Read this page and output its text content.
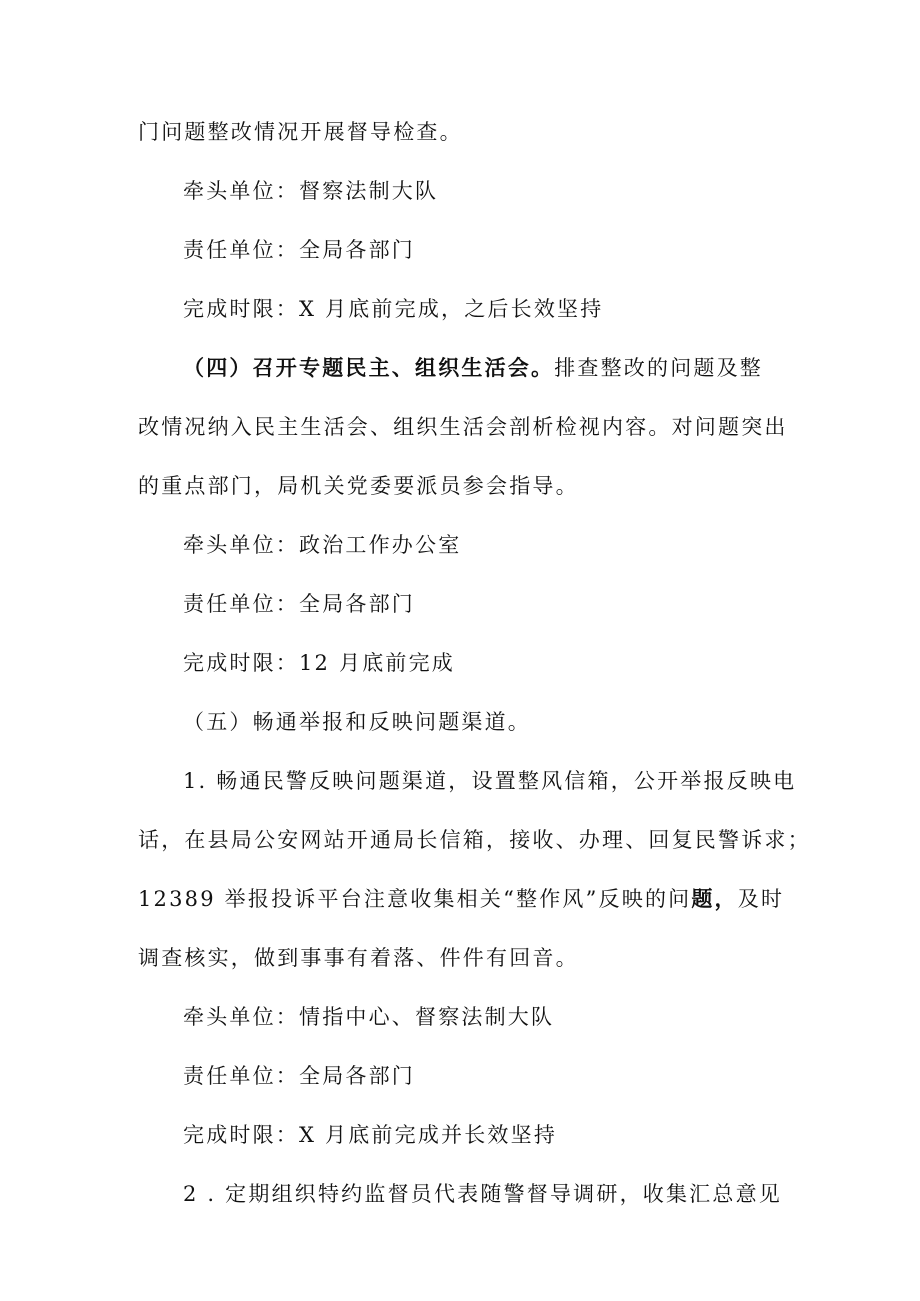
门问题整改情况开展督导检查。
牵头单位：督察法制大队
责任单位：全局各部门
完成时限：X 月底前完成，之后长效坚持
（四）召开专题民主、组织生活会。排查整改的问题及整
改情况纳入民主生活会、组织生活会剖析检视内容。对问题突出
的重点部门，局机关党委要派员参会指导。
牵头单位：政治工作办公室
责任单位：全局各部门
完成时限：12 月底前完成
（五）畅通举报和反映问题渠道。
1. 畅通民警反映问题渠道，设置整风信箱，公开举报反映电
话，在县局公安网站开通局长信箱，接收、办理、回复民警诉求；
12389 举报投诉平台注意收集相关“整作风”反映的问题，及时
调查核实，做到事事有着落、件件有回音。
牵头单位：情指中心、督察法制大队
责任单位：全局各部门
完成时限：X 月底前完成并长效坚持
2 . 定期组织特约监督员代表随警督导调研，收集汇总意见
